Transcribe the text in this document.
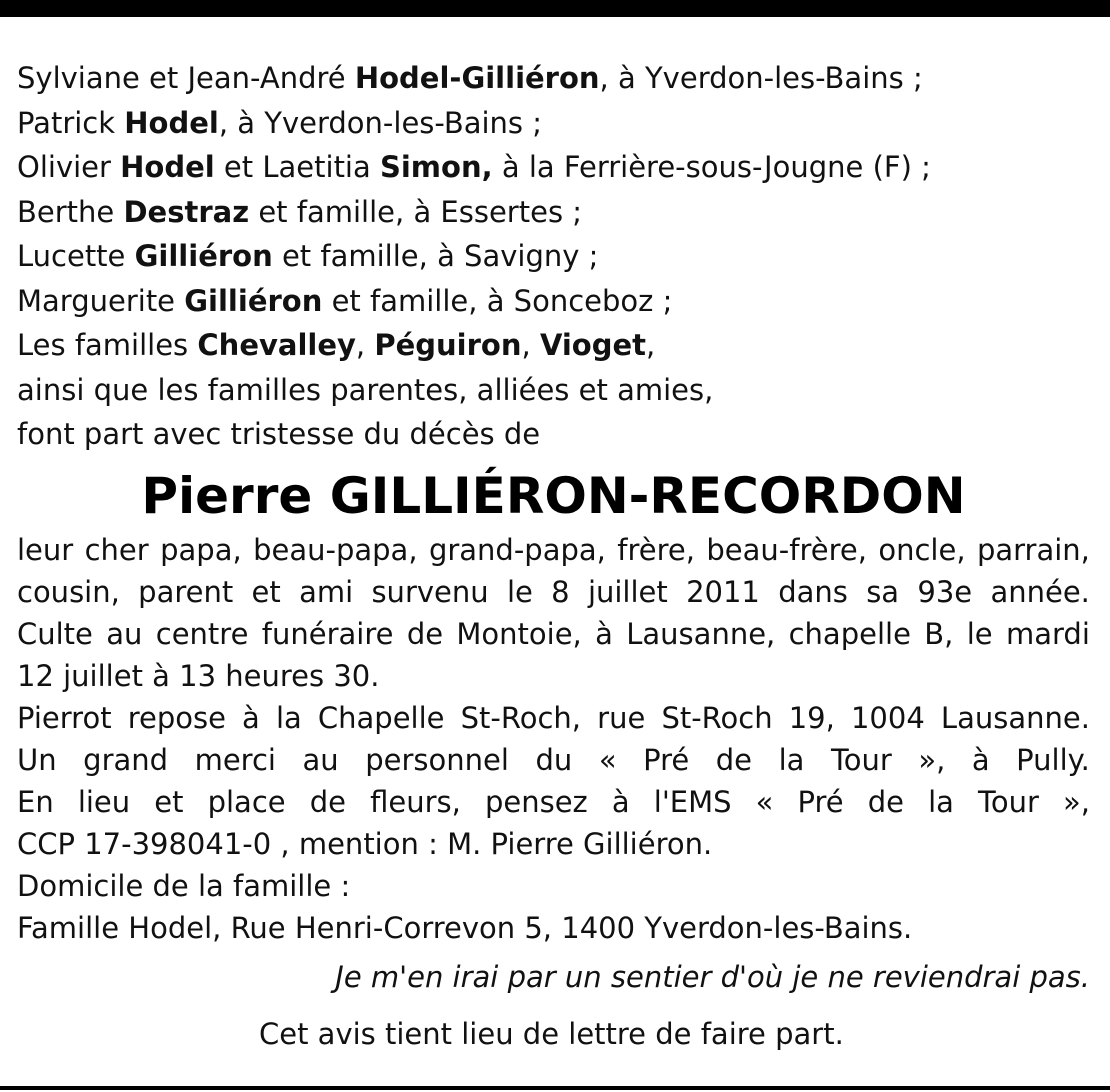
Sylviane et Jean-André Hodel-Gilliéron, à Yverdon-les-Bains ;
Patrick Hodel, à Yverdon-les-Bains ;
Olivier Hodel et Laetitia Simon, à la Ferrière-sous-Jougne (F) ;
Berthe Destraz et famille, à Essertes ;
Lucette Gilliéron et famille, à Savigny ;
Marguerite Gilliéron et famille, à Sonceboz ;
Les familles Chevalley, Péguiron, Vioget,
ainsi que les familles parentes, alliées et amies,
font part avec tristesse du décès de
Pierre GILLIÉRON-RECORDON
leur cher papa, beau-papa, grand-papa, frère, beau-frère, oncle, parrain,
cousin, parent et ami survenu le 8 juillet 2011 dans sa 93e année.
Culte au centre funéraire de Montoie, à Lausanne, chapelle B, le mardi
12 juillet à 13 heures 30.
Pierrot repose à la Chapelle St-Roch, rue St-Roch 19, 1004 Lausanne.
Un grand merci au personnel du « Pré de la Tour », à Pully.
En lieu et place de fleurs, pensez à l'EMS « Pré de la Tour »,
CCP 17-398041-0 , mention : M. Pierre Gilliéron.
Domicile de la famille :
Famille Hodel, Rue Henri-Correvon 5, 1400 Yverdon-les-Bains.
Je m'en irai par un sentier d'où je ne reviendrai pas.
Cet avis tient lieu de lettre de faire part.
